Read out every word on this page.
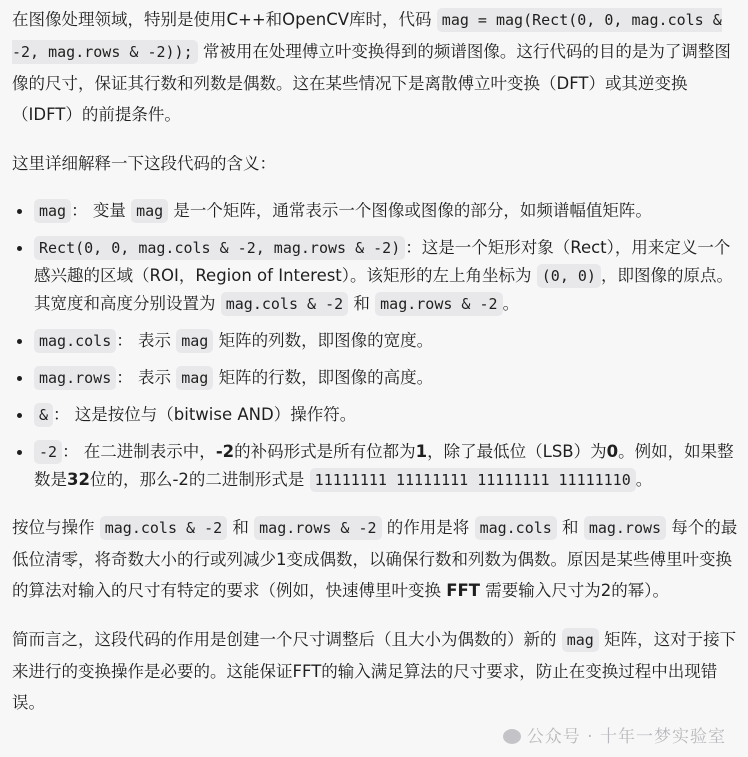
在图像处理领域，特别是使用C++和OpenCV库时，代码 mag = mag(Rect(0, 0, mag.cols & -2, mag.rows & -2)); 常被用在处理傅立叶变换得到的频谱图像。这行代码的目的是为了调整图像的尺寸，保证其行数和列数是偶数。这在某些情况下是离散傅立叶变换（DFT）或其逆变换（IDFT）的前提条件。

这里详细解释一下这段代码的含义：

• mag ： 变量 mag 是一个矩阵，通常表示一个图像或图像的部分，如频谱幅值矩阵。
• Rect(0, 0, mag.cols & -2, mag.rows & -2) ：这是一个矩形对象（Rect），用来定义一个感兴趣的区域（ROI，Region of Interest）。该矩形的左上角坐标为 (0, 0) ，即图像的原点。其宽度和高度分别设置为 mag.cols & -2 和 mag.rows & -2 。
• mag.cols ： 表示 mag 矩阵的列数，即图像的宽度。
• mag.rows ： 表示 mag 矩阵的行数，即图像的高度。
• & ： 这是按位与（bitwise AND）操作符。
• -2 ： 在二进制表示中，-2的补码形式是所有位都为1，除了最低位（LSB）为0。例如，如果整数是32位的，那么-2的二进制形式是 11111111 11111111 11111111 11111110 。

按位与操作 mag.cols & -2 和 mag.rows & -2 的作用是将 mag.cols 和 mag.rows 每个的最低位清零，将奇数大小的行或列减少1变成偶数，以确保行数和列数为偶数。原因是某些傅里叶变换的算法对输入的尺寸有特定的要求（例如，快速傅里叶变换 FFT 需要输入尺寸为2的幂）。

简而言之，这段代码的作用是创建一个尺寸调整后（且大小为偶数的）新的 mag 矩阵，这对于接下来进行的变换操作是必要的。这能保证FFT的输入满足算法的尺寸要求，防止在变换过程中出现错误。

公众号 · 十年一梦实验室
